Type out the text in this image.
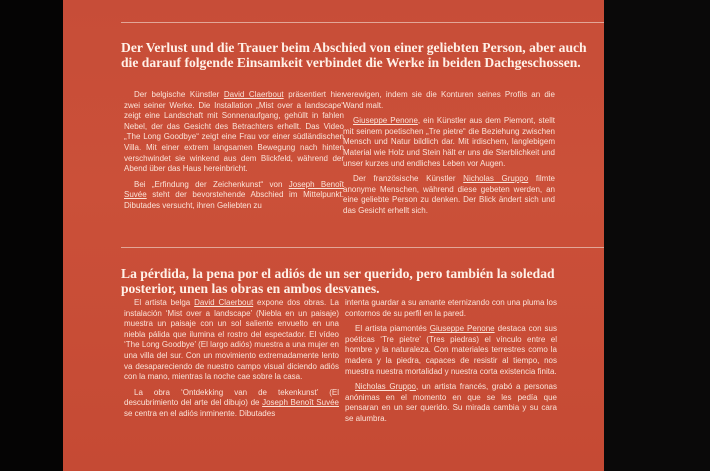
Der Verlust und die Trauer beim Abschied von einer geliebten Person, aber auch die darauf folgende Einsamkeit verbindet die Werke in beiden Dachgeschossen.

Der belgische Künstler David Claerbout präsentiert hier zwei seiner Werke. Die Installation „Mist over a landscape“ zeigt eine Landschaft mit Sonnenaufgang, gehüllt in fahlen Nebel, der das Gesicht des Betrachters erhellt. Das Video „The Long Goodbye“ zeigt eine Frau vor einer südländischen Villa. Mit einer extrem langsamen Bewegung nach hinten verschwindet sie winkend aus dem Blickfeld, während der Abend über das Haus hereinbricht.

Bei „Erfindung der Zeichenkunst“ von Joseph Benoît Suvée steht der bevorstehende Abschied im Mittelpunkt. Dibutades versucht, ihren Geliebten zu

verewigen, indem sie die Konturen seines Profils an die Wand malt.

Giuseppe Penone, ein Künstler aus dem Piemont, stellt mit seinem poetischen „Tre pietre“ die Beziehung zwischen Mensch und Natur bildlich dar. Mit irdischem, langlebigem Material wie Holz und Stein hält er uns die Sterblichkeit und unser kurzes und endliches Leben vor Augen.

Der französische Künstler Nicholas Gruppo filmte anonyme Menschen, während diese gebeten werden, an eine geliebte Person zu denken. Der Blick ändert sich und das Gesicht erhellt sich.

La pérdida, la pena por el adiós de un ser querido, pero también la soledad posterior, unen las obras en ambos desvanes.

El artista belga David Claerbout expone dos obras. La instalación ‘Mist over a landscape’ (Niebla en un paisaje) muestra un paisaje con un sol saliente envuelto en una niebla pálida que ilumina el rostro del espectador. El vídeo ‘The Long Goodbye’ (El largo adiós) muestra a una mujer en una villa del sur. Con un movimiento extremadamente lento va desapareciendo de nuestro campo visual diciendo adiós con la mano, mientras la noche cae sobre la casa.

La obra ‘Ontdekking van de tekenkunst’ (El descubrimiento del arte del dibujo) de Joseph Benoît Suvée se centra en el adiós inminente. Dibutades

intenta guardar a su amante eternizando con una pluma los contornos de su perfil en la pared.

El artista piamontés Giuseppe Penone destaca con sus poéticas ‘Tre pietre’ (Tres piedras) el vínculo entre el hombre y la naturaleza. Con materiales terrestres como la madera y la piedra, capaces de resistir al tiempo, nos muestra nuestra mortalidad y nuestra corta existencia finita.

Nicholas Gruppo, un artista francés, grabó a personas anónimas en el momento en que se les pedía que pensaran en un ser querido. Su mirada cambia y su cara se alumbra.
